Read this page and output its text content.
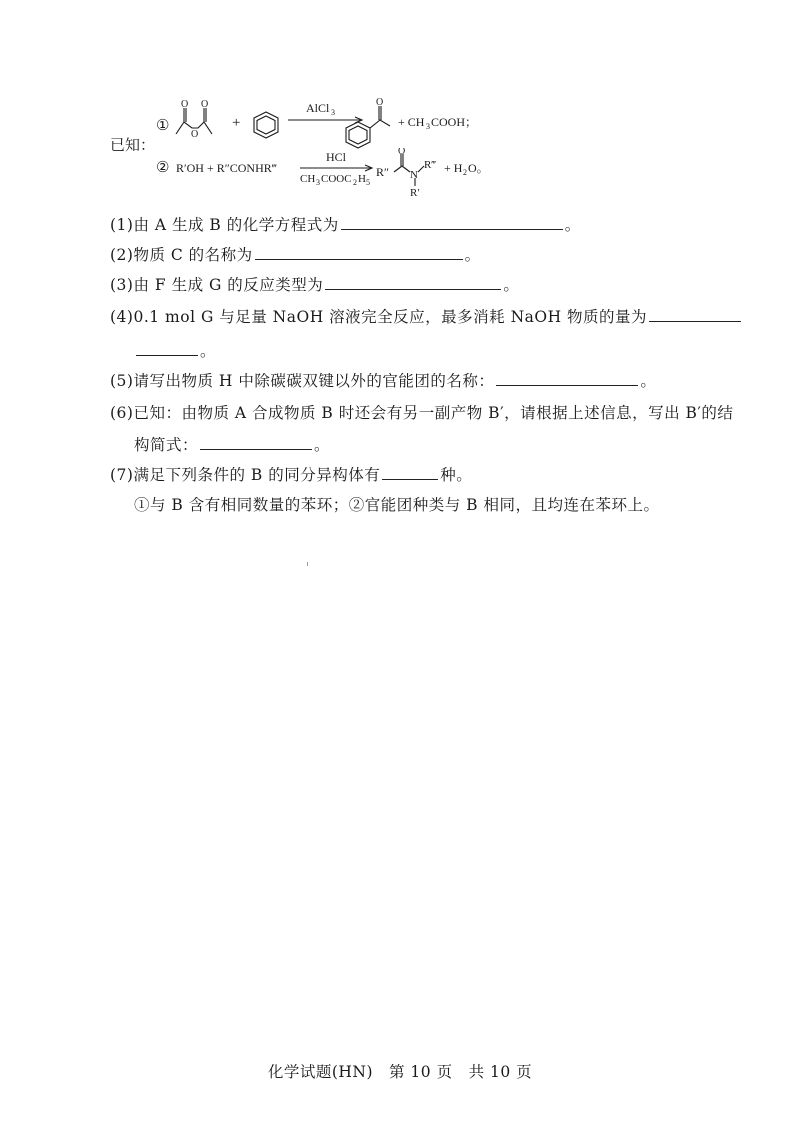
已知：
①
O O
O
+
AlCl 3
O
+ CH 3 COOH；
② R′OH + R″CONHR‴
HCl
CH 3 COOC 2 H 5
R″
O
N
R‴
R′
+ H 2 O。
(1)由 A 生成 B 的化学方程式为	。
(2)物质 C 的名称为	。
(3)由 F 生成 G 的反应类型为	。
(4)0.1 mol G 与足量 NaOH 溶液完全反应，最多消耗 NaOH 物质的量为
。
(5)请写出物质 H 中除碳碳双键以外的官能团的名称：	。
(6)已知：由物质 A 合成物质 B 时还会有另一副产物 B′，请根据上述信息，写出 B′的结
构简式：	。
(7)满足下列条件的 B 的同分异构体有	种。
①与 B 含有相同数量的苯环；②官能团种类与 B 相同，且均连在苯环上。
化学试题(HN)　第 10 页　共 10 页
